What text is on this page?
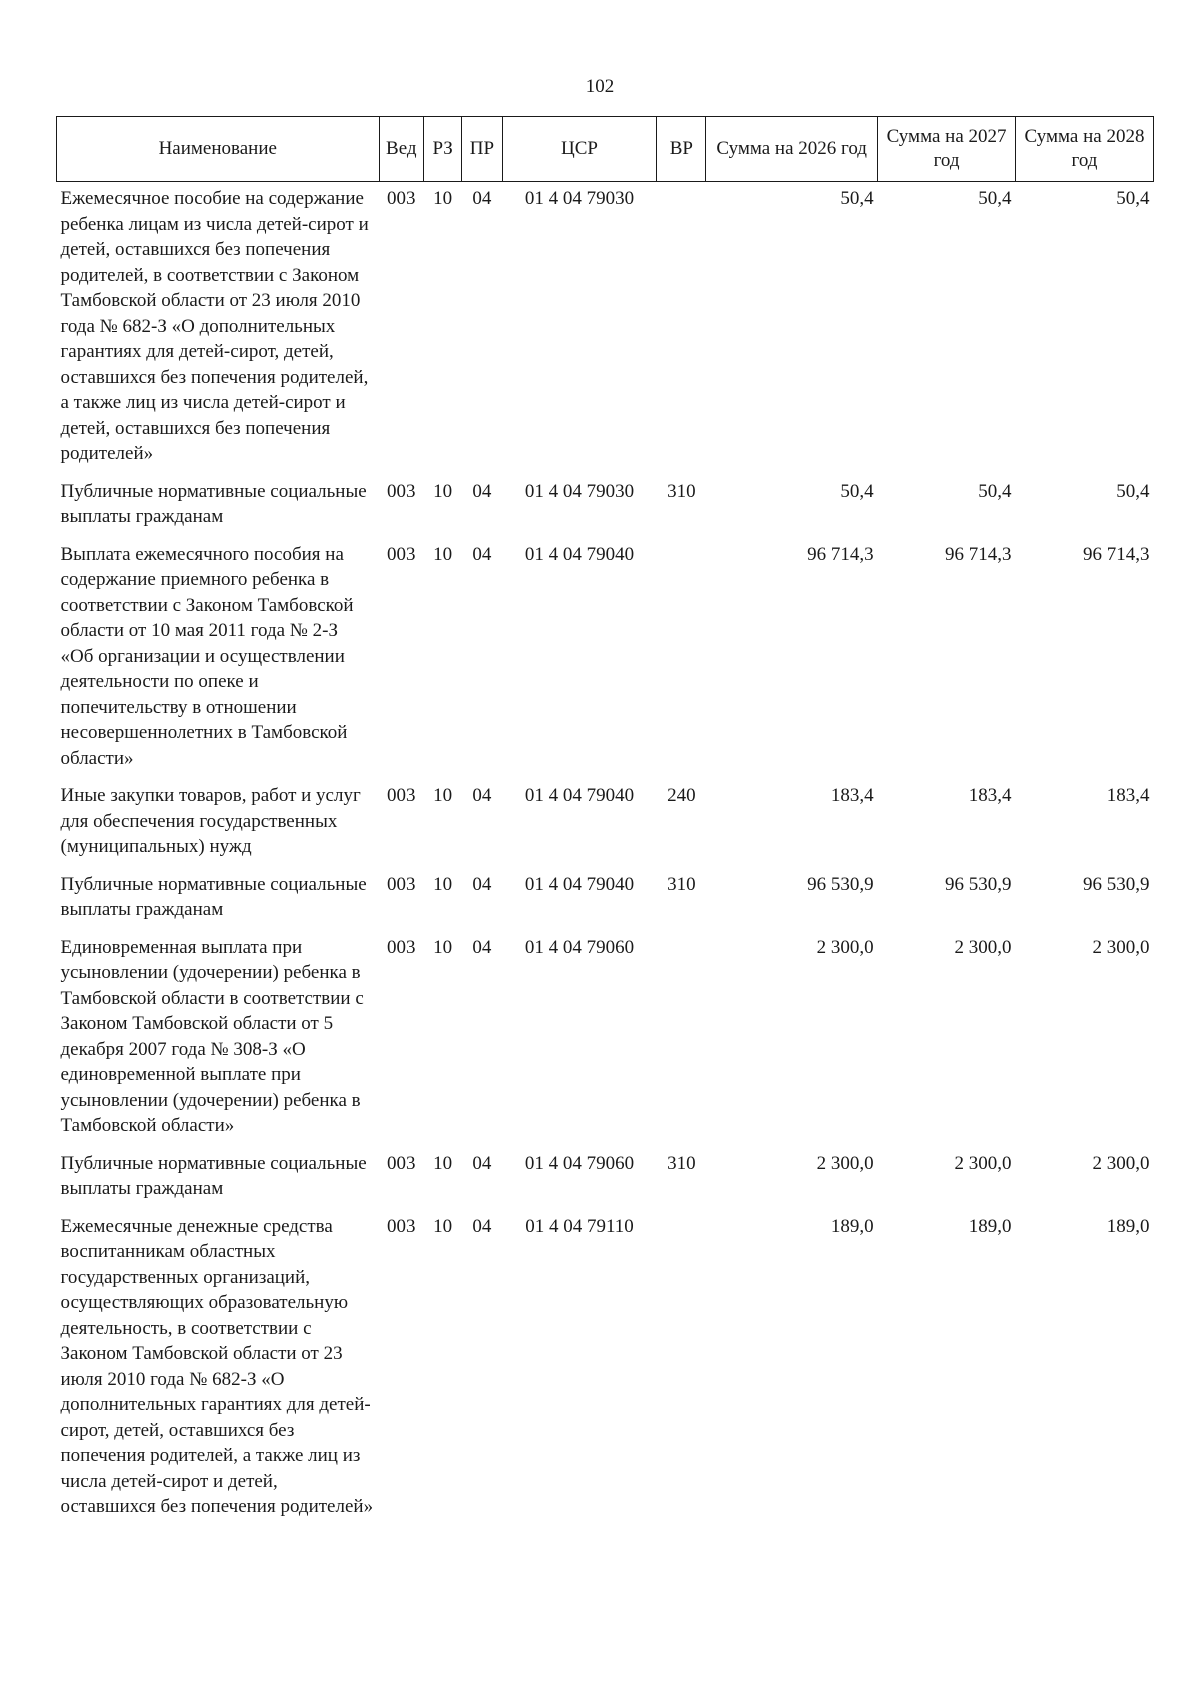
102
Наименование	Вед	РЗ	ПР	ЦСР	ВР	Сумма на 2026 год	Сумма на 2027 год	Сумма на 2028 год
Ежемесячное пособие на содержание ребенка лицам из числа детей-сирот и детей, оставшихся без попечения родителей, в соответствии с Законом Тамбовской области от 23 июля 2010 года № 682-З «О дополнительных гарантиях для детей-сирот, детей, оставшихся без попечения родителей, а также лиц из числа детей-сирот и детей, оставшихся без попечения родителей»	003	10	04	01 4 04 79030		50,4	50,4	50,4
Публичные нормативные социальные выплаты гражданам	003	10	04	01 4 04 79030	310	50,4	50,4	50,4
Выплата ежемесячного пособия на содержание приемного ребенка в соответствии с Законом Тамбовской области от 10 мая 2011 года № 2-З «Об организации и осуществлении деятельности по опеке и попечительству в отношении несовершеннолетних в Тамбовской области»	003	10	04	01 4 04 79040		96 714,3	96 714,3	96 714,3
Иные закупки товаров, работ и услуг для обеспечения государственных (муниципальных) нужд	003	10	04	01 4 04 79040	240	183,4	183,4	183,4
Публичные нормативные социальные выплаты гражданам	003	10	04	01 4 04 79040	310	96 530,9	96 530,9	96 530,9
Единовременная выплата при усыновлении (удочерении) ребенка в Тамбовской области в соответствии с Законом Тамбовской области от 5 декабря 2007 года № 308-З «О единовременной выплате при усыновлении (удочерении) ребенка в Тамбовской области»	003	10	04	01 4 04 79060		2 300,0	2 300,0	2 300,0
Публичные нормативные социальные выплаты гражданам	003	10	04	01 4 04 79060	310	2 300,0	2 300,0	2 300,0
Ежемесячные денежные средства воспитанникам областных государственных организаций, осуществляющих образовательную деятельность, в соответствии с Законом Тамбовской области от 23 июля 2010 года № 682-З «О дополнительных гарантиях для детей-сирот, детей, оставшихся без попечения родителей, а также лиц из числа детей-сирот и детей, оставшихся без попечения родителей»	003	10	04	01 4 04 79110		189,0	189,0	189,0
